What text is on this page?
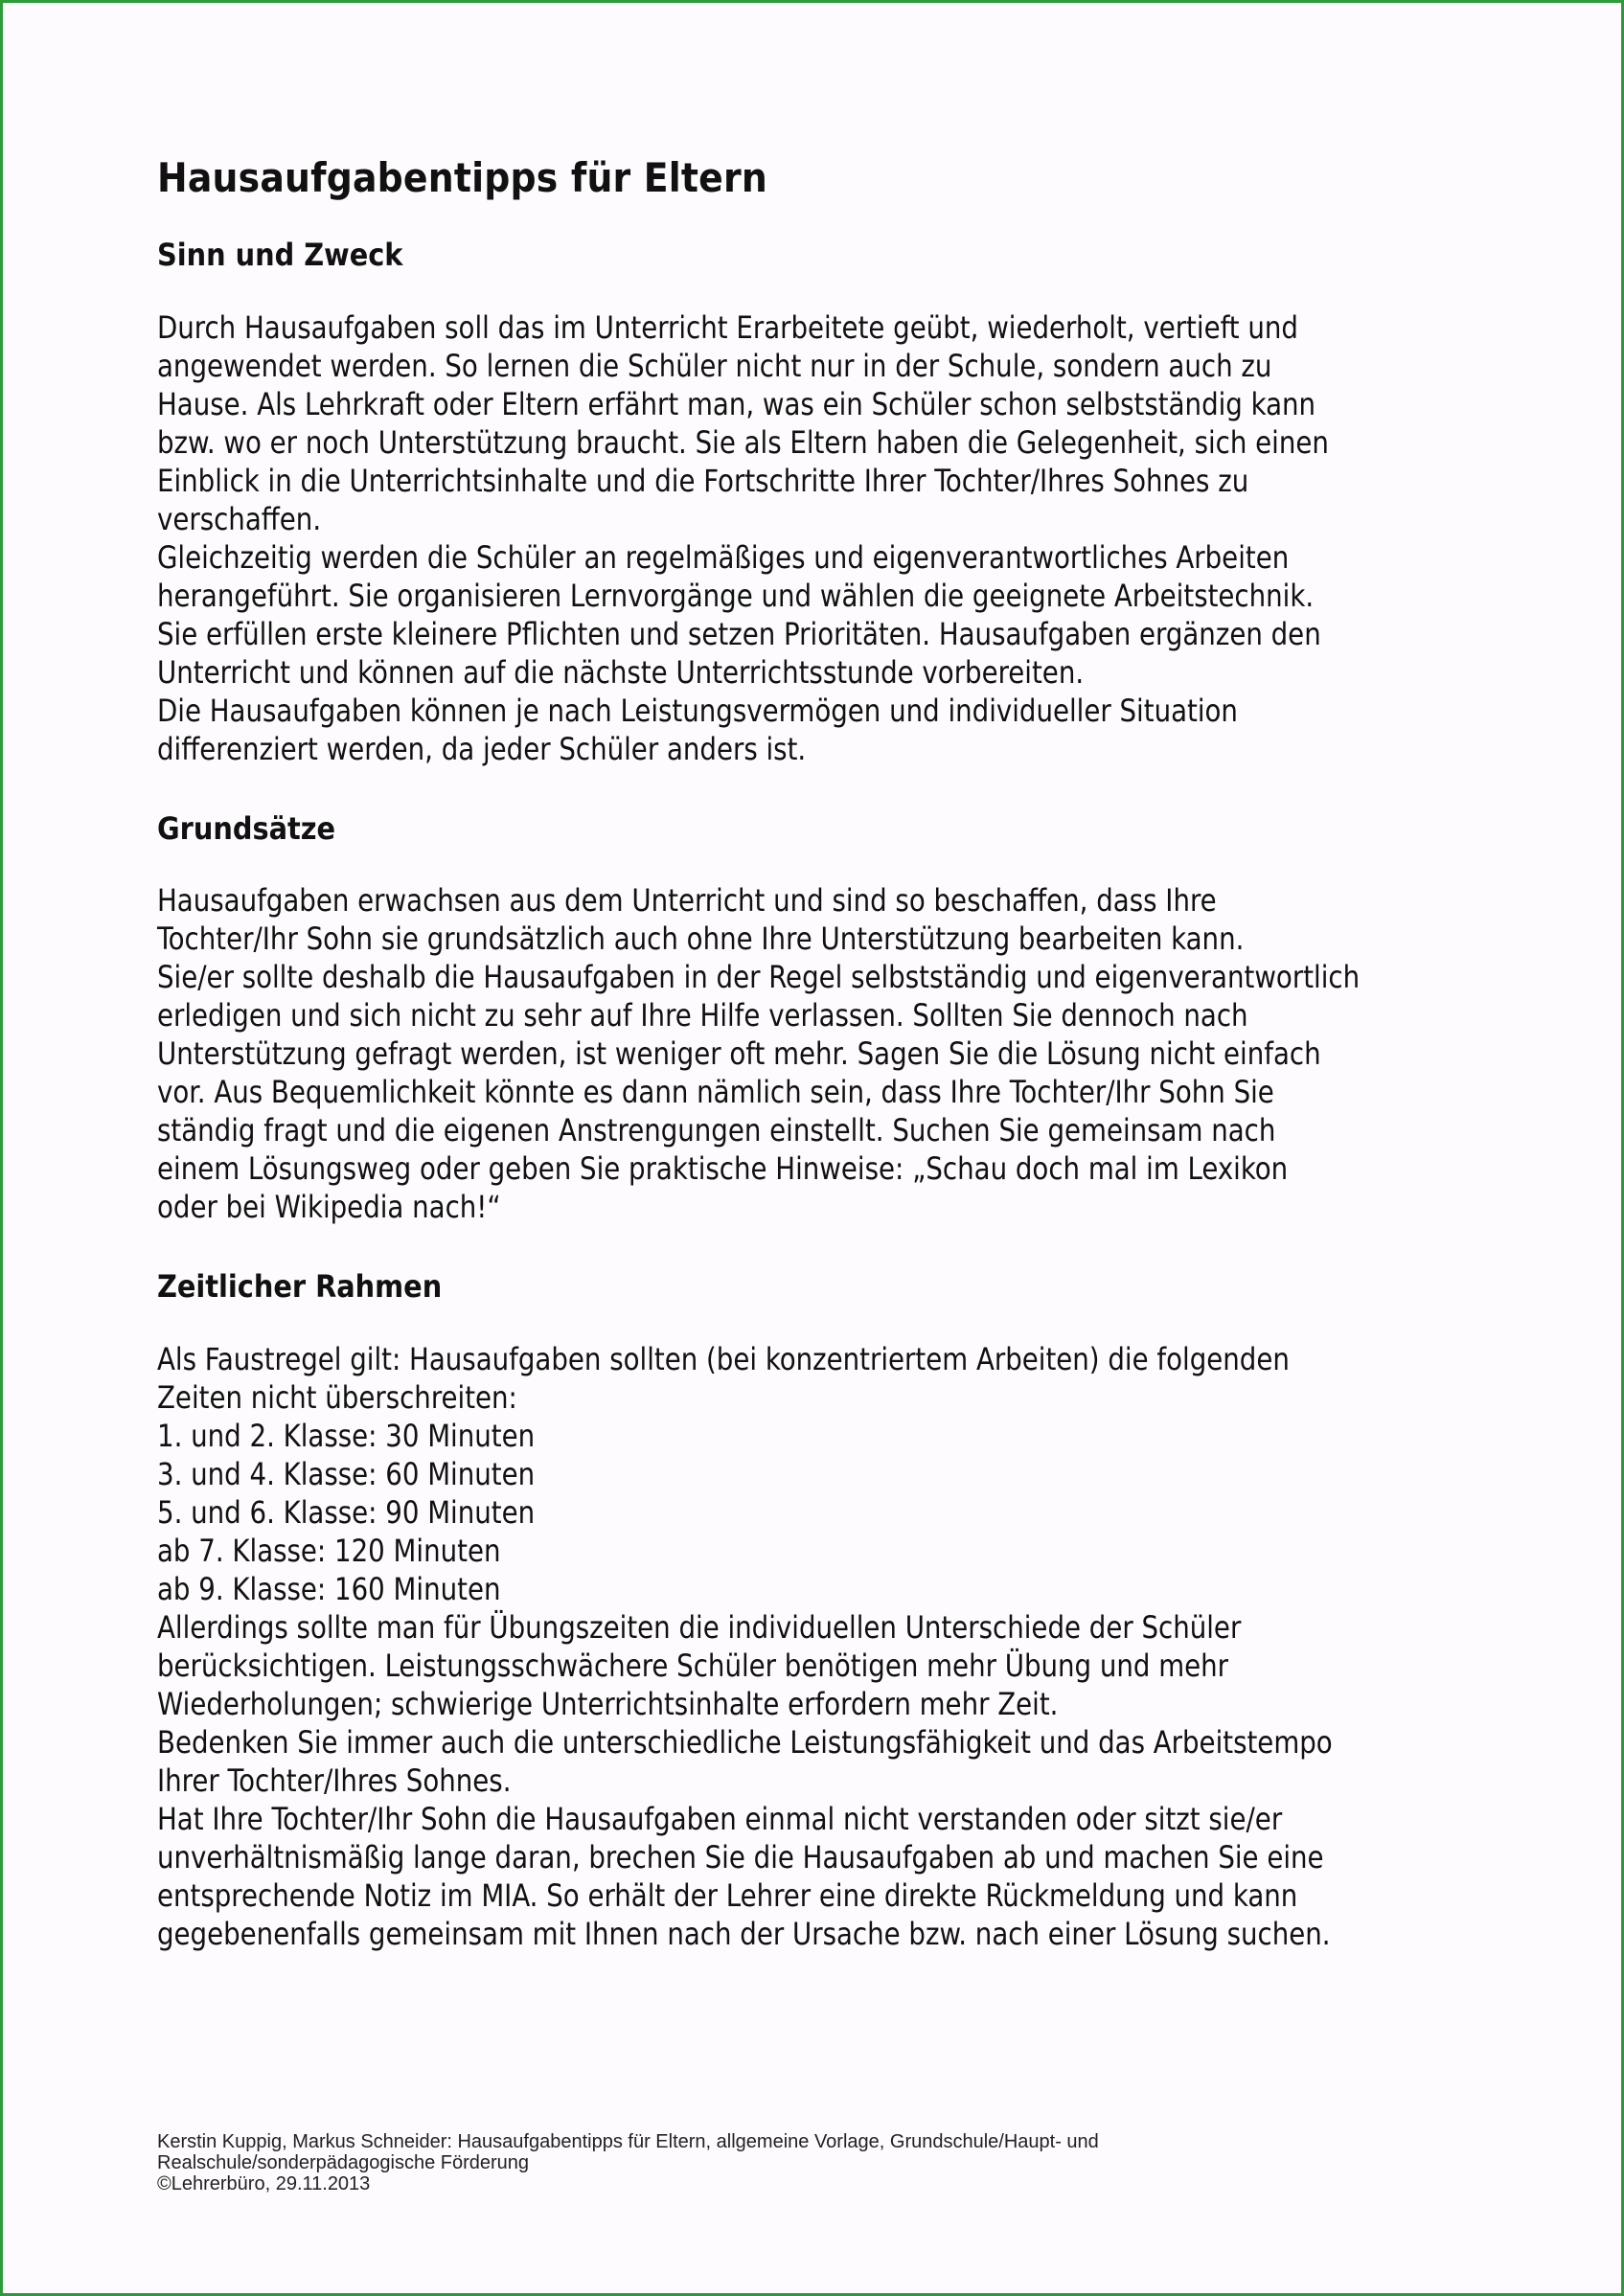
Hausaufgabentipps für Eltern
Sinn und Zweck

Durch Hausaufgaben soll das im Unterricht Erarbeitete geübt, wiederholt, vertieft und

angewendet werden. So lernen die Schüler nicht nur in der Schule, sondern auch zu

Hause. Als Lehrkraft oder Eltern erfährt man, was ein Schüler schon selbstständig kann

bzw. wo er noch Unterstützung braucht. Sie als Eltern haben die Gelegenheit, sich einen

Einblick in die Unterrichtsinhalte und die Fortschritte Ihrer Tochter/Ihres Sohnes zu

verschaffen.

Gleichzeitig werden die Schüler an regelmäßiges und eigenverantwortliches Arbeiten

herangeführt. Sie organisieren Lernvorgänge und wählen die geeignete Arbeitstechnik.

Sie erfüllen erste kleinere Pflichten und setzen Prioritäten. Hausaufgaben ergänzen den

Unterricht und können auf die nächste Unterrichtsstunde vorbereiten.

Die Hausaufgaben können je nach Leistungsvermögen und individueller Situation

differenziert werden, da jeder Schüler anders ist.

Grundsätze

Hausaufgaben erwachsen aus dem Unterricht und sind so beschaffen, dass Ihre

Tochter/Ihr Sohn sie grundsätzlich auch ohne Ihre Unterstützung bearbeiten kann.

Sie/er sollte deshalb die Hausaufgaben in der Regel selbstständig und eigenverantwortlich

erledigen und sich nicht zu sehr auf Ihre Hilfe verlassen. Sollten Sie dennoch nach

Unterstützung gefragt werden, ist weniger oft mehr. Sagen Sie die Lösung nicht einfach

vor. Aus Bequemlichkeit könnte es dann nämlich sein, dass Ihre Tochter/Ihr Sohn Sie

ständig fragt und die eigenen Anstrengungen einstellt. Suchen Sie gemeinsam nach

einem Lösungsweg oder geben Sie praktische Hinweise: „Schau doch mal im Lexikon

oder bei Wikipedia nach!“

Zeitlicher Rahmen

Als Faustregel gilt: Hausaufgaben sollten (bei konzentriertem Arbeiten) die folgenden

Zeiten nicht überschreiten:

1. und 2. Klasse: 30 Minuten

3. und 4. Klasse: 60 Minuten

5. und 6. Klasse: 90 Minuten

ab 7. Klasse: 120 Minuten

ab 9. Klasse: 160 Minuten

Allerdings sollte man für Übungszeiten die individuellen Unterschiede der Schüler

berücksichtigen. Leistungsschwächere Schüler benötigen mehr Übung und mehr

Wiederholungen; schwierige Unterrichtsinhalte erfordern mehr Zeit.

Bedenken Sie immer auch die unterschiedliche Leistungsfähigkeit und das Arbeitstempo

Ihrer Tochter/Ihres Sohnes.

Hat Ihre Tochter/Ihr Sohn die Hausaufgaben einmal nicht verstanden oder sitzt sie/er

unverhältnismäßig lange daran, brechen Sie die Hausaufgaben ab und machen Sie eine

entsprechende Notiz im MIA. So erhält der Lehrer eine direkte Rückmeldung und kann

gegebenenfalls gemeinsam mit Ihnen nach der Ursache bzw. nach einer Lösung suchen.

Kerstin Kuppig, Markus Schneider: Hausaufgabentipps für Eltern, allgemeine Vorlage, Grundschule/Haupt- und

Realschule/sonderpädagogische Förderung

©Lehrerbüro, 29.11.2013
